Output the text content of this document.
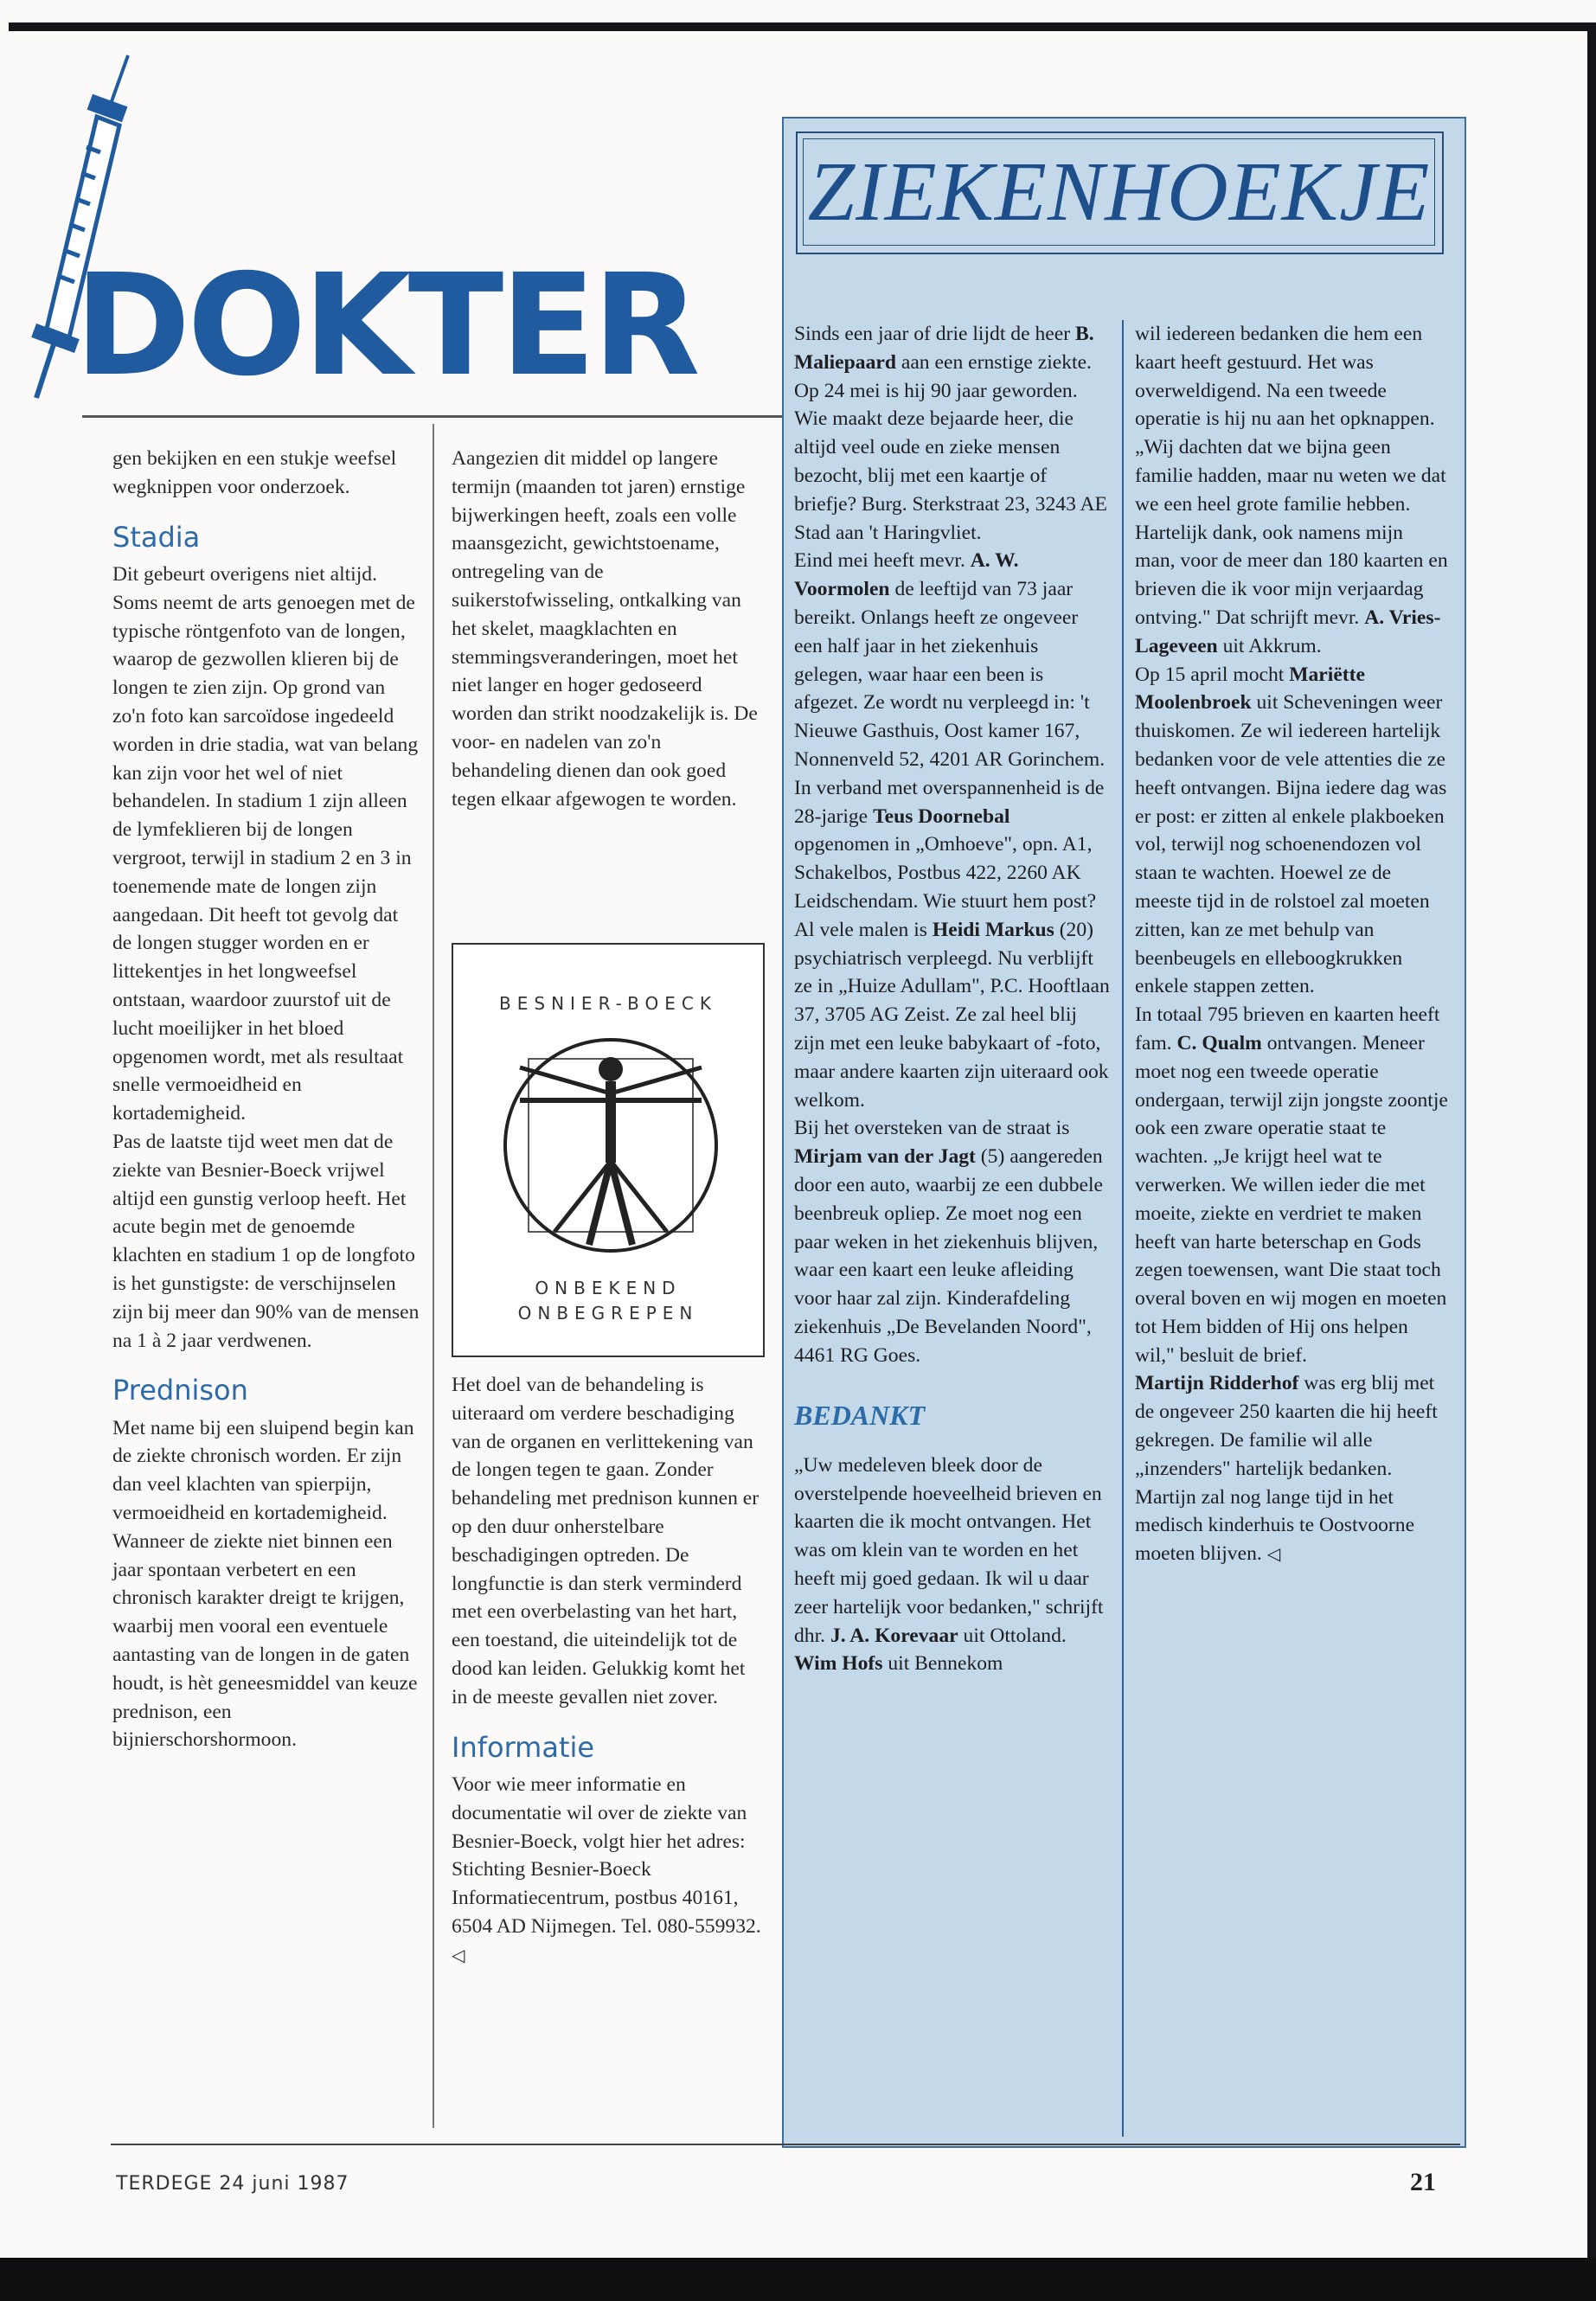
DOKTER

gen bekijken en een stukje weefsel wegknippen voor onderzoek.

Stadia

Dit gebeurt overigens niet altijd. Soms neemt de arts genoegen met de typische röntgenfoto van de longen, waarop de gezwollen klieren bij de longen te zien zijn. Op grond van zo'n foto kan sarcoïdose ingedeeld worden in drie stadia, wat van belang kan zijn voor het wel of niet behandelen. In stadium 1 zijn alleen de lymfeklieren bij de longen vergroot, terwijl in stadium 2 en 3 in toenemende mate de longen zijn aangedaan. Dit heeft tot gevolg dat de longen stugger worden en er littekentjes in het longweefsel ontstaan, waardoor zuurstof uit de lucht moeilijker in het bloed opgenomen wordt, met als resultaat snelle vermoeidheid en kortademigheid.

Pas de laatste tijd weet men dat de ziekte van Besnier-Boeck vrijwel altijd een gunstig verloop heeft. Het acute begin met de genoemde klachten en stadium 1 op de longfoto is het gunstigste: de verschijnselen zijn bij meer dan 90% van de mensen na 1 à 2 jaar verdwenen.

Prednison

Met name bij een sluipend begin kan de ziekte chronisch worden. Er zijn dan veel klachten van spierpijn, vermoeidheid en kortademigheid. Wanneer de ziekte niet binnen een jaar spontaan verbetert en een chronisch karakter dreigt te krijgen, waarbij men vooral een eventuele aantasting van de longen in de gaten houdt, is hèt geneesmiddel van keuze prednison, een bijnierschorshormoon.

Aangezien dit middel op langere termijn (maanden tot jaren) ernstige bijwerkingen heeft, zoals een volle maansgezicht, gewichtstoename, ontregeling van de suikerstofwisseling, ontkalking van het skelet, maagklachten en stemmingsveranderingen, moet het niet langer en hoger gedoseerd worden dan strikt noodzakelijk is. De voor- en nadelen van zo'n behandeling dienen dan ook goed tegen elkaar afgewogen te worden.

BESNIER-BOECK
ONBEKEND
ONBEGREPEN

Het doel van de behandeling is uiteraard om verdere beschadiging van de organen en verlittekening van de longen tegen te gaan. Zonder behandeling met prednison kunnen er op den duur onherstelbare beschadigingen optreden. De longfunctie is dan sterk verminderd met een overbelasting van het hart, een toestand, die uiteindelijk tot de dood kan leiden. Gelukkig komt het in de meeste gevallen niet zover.

Informatie

Voor wie meer informatie en documentatie wil over de ziekte van Besnier-Boeck, volgt hier het adres: Stichting Besnier-Boeck Informatiecentrum, postbus 40161, 6504 AD Nijmegen. Tel. 080-559932. ◁

ZIEKENHOEKJE

Sinds een jaar of drie lijdt de heer B. Maliepaard aan een ernstige ziekte. Op 24 mei is hij 90 jaar geworden. Wie maakt deze bejaarde heer, die altijd veel oude en zieke mensen bezocht, blij met een kaartje of briefje? Burg. Sterkstraat 23, 3243 AE Stad aan 't Haringvliet.

Eind mei heeft mevr. A. W. Voormolen de leeftijd van 73 jaar bereikt. Onlangs heeft ze ongeveer een half jaar in het ziekenhuis gelegen, waar haar een been is afgezet. Ze wordt nu verpleegd in: 't Nieuwe Gasthuis, Oost kamer 167, Nonnenveld 52, 4201 AR Gorinchem.

In verband met overspannenheid is de 28-jarige Teus Doornebal opgenomen in „Omhoeve", opn. A1, Schakelbos, Postbus 422, 2260 AK Leidschendam. Wie stuurt hem post?

Al vele malen is Heidi Markus (20) psychiatrisch verpleegd. Nu verblijft ze in „Huize Adullam", P.C. Hooftlaan 37, 3705 AG Zeist. Ze zal heel blij zijn met een leuke babykaart of -foto, maar andere kaarten zijn uiteraard ook welkom.

Bij het oversteken van de straat is Mirjam van der Jagt (5) aangereden door een auto, waarbij ze een dubbele beenbreuk opliep. Ze moet nog een paar weken in het ziekenhuis blijven, waar een kaart een leuke afleiding voor haar zal zijn. Kinderafdeling ziekenhuis „De Bevelanden Noord", 4461 RG Goes.

BEDANKT

„Uw medeleven bleek door de overstelpende hoeveelheid brieven en kaarten die ik mocht ontvangen. Het was om klein van te worden en het heeft mij goed gedaan. Ik wil u daar zeer hartelijk voor bedanken," schrijft dhr. J. A. Korevaar uit Ottoland.

Wim Hofs uit Bennekom

wil iedereen bedanken die hem een kaart heeft gestuurd. Het was overweldigend. Na een tweede operatie is hij nu aan het opknappen.

„Wij dachten dat we bijna geen familie hadden, maar nu weten we dat we een heel grote familie hebben. Hartelijk dank, ook namens mijn man, voor de meer dan 180 kaarten en brieven die ik voor mijn verjaardag ontving." Dat schrijft mevr. A. Vries-Lageveen uit Akkrum.

Op 15 april mocht Mariëtte Moolenbroek uit Scheveningen weer thuiskomen. Ze wil iedereen hartelijk bedanken voor de vele attenties die ze heeft ontvangen. Bijna iedere dag was er post: er zitten al enkele plakboeken vol, terwijl nog schoenendozen vol staan te wachten. Hoewel ze de meeste tijd in de rolstoel zal moeten zitten, kan ze met behulp van beenbeugels en elleboogkrukken enkele stappen zetten.

In totaal 795 brieven en kaarten heeft fam. C. Qualm ontvangen. Meneer moet nog een tweede operatie ondergaan, terwijl zijn jongste zoontje ook een zware operatie staat te wachten. „Je krijgt heel wat te verwerken. We willen ieder die met moeite, ziekte en verdriet te maken heeft van harte beterschap en Gods zegen toewensen, want Die staat toch overal boven en wij mogen en moeten tot Hem bidden of Hij ons helpen wil," besluit de brief.

Martijn Ridderhof was erg blij met de ongeveer 250 kaarten die hij heeft gekregen. De familie wil alle „inzenders" hartelijk bedanken. Martijn zal nog lange tijd in het medisch kinderhuis te Oostvoorne moeten blijven. ◁

TERDEGE 24 juni 1987	21
